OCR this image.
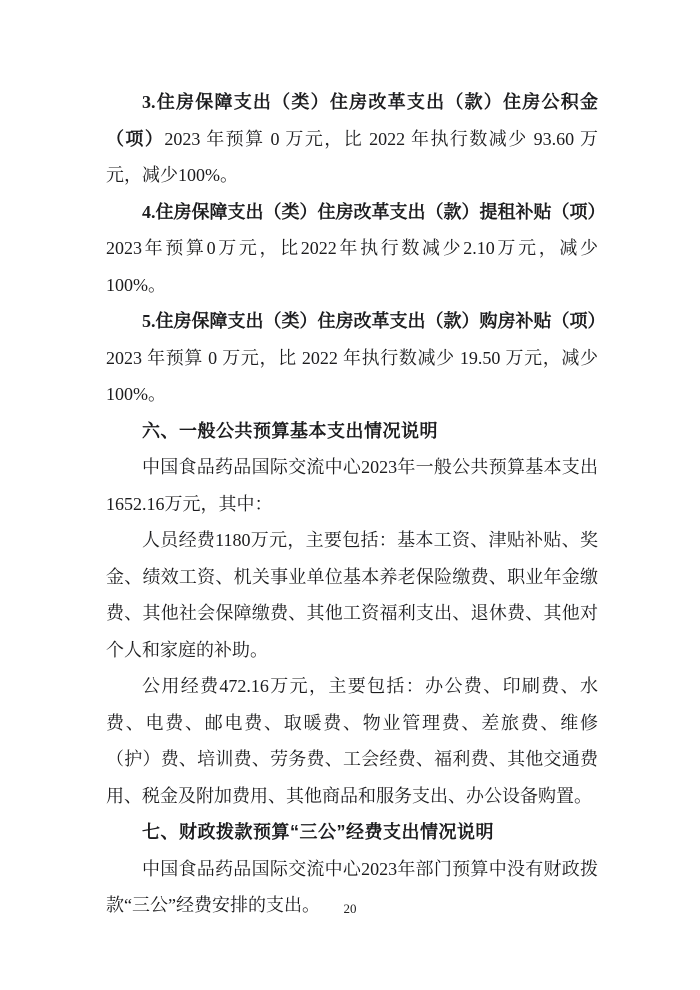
3.住房保障支出（类）住房改革支出（款）住房公积金（项）2023 年预算 0 万元，比 2022 年执行数减少 93.60 万元，减少100%。

4.住房保障支出（类）住房改革支出（款）提租补贴（项）2023年预算0万元，比2022年执行数减少2.10万元，减少100%。

5.住房保障支出（类）住房改革支出（款）购房补贴（项）2023 年预算 0 万元，比 2022 年执行数减少 19.50 万元，减少100%。

六、一般公共预算基本支出情况说明

中国食品药品国际交流中心2023年一般公共预算基本支出1652.16万元，其中：

人员经费1180万元，主要包括：基本工资、津贴补贴、奖金、绩效工资、机关事业单位基本养老保险缴费、职业年金缴费、其他社会保障缴费、其他工资福利支出、退休费、其他对个人和家庭的补助。

公用经费472.16万元，主要包括：办公费、印刷费、水费、电费、邮电费、取暖费、物业管理费、差旅费、维修（护）费、培训费、劳务费、工会经费、福利费、其他交通费用、税金及附加费用、其他商品和服务支出、办公设备购置。

七、财政拨款预算“三公”经费支出情况说明

中国食品药品国际交流中心2023年部门预算中没有财政拨款“三公”经费安排的支出。	20
